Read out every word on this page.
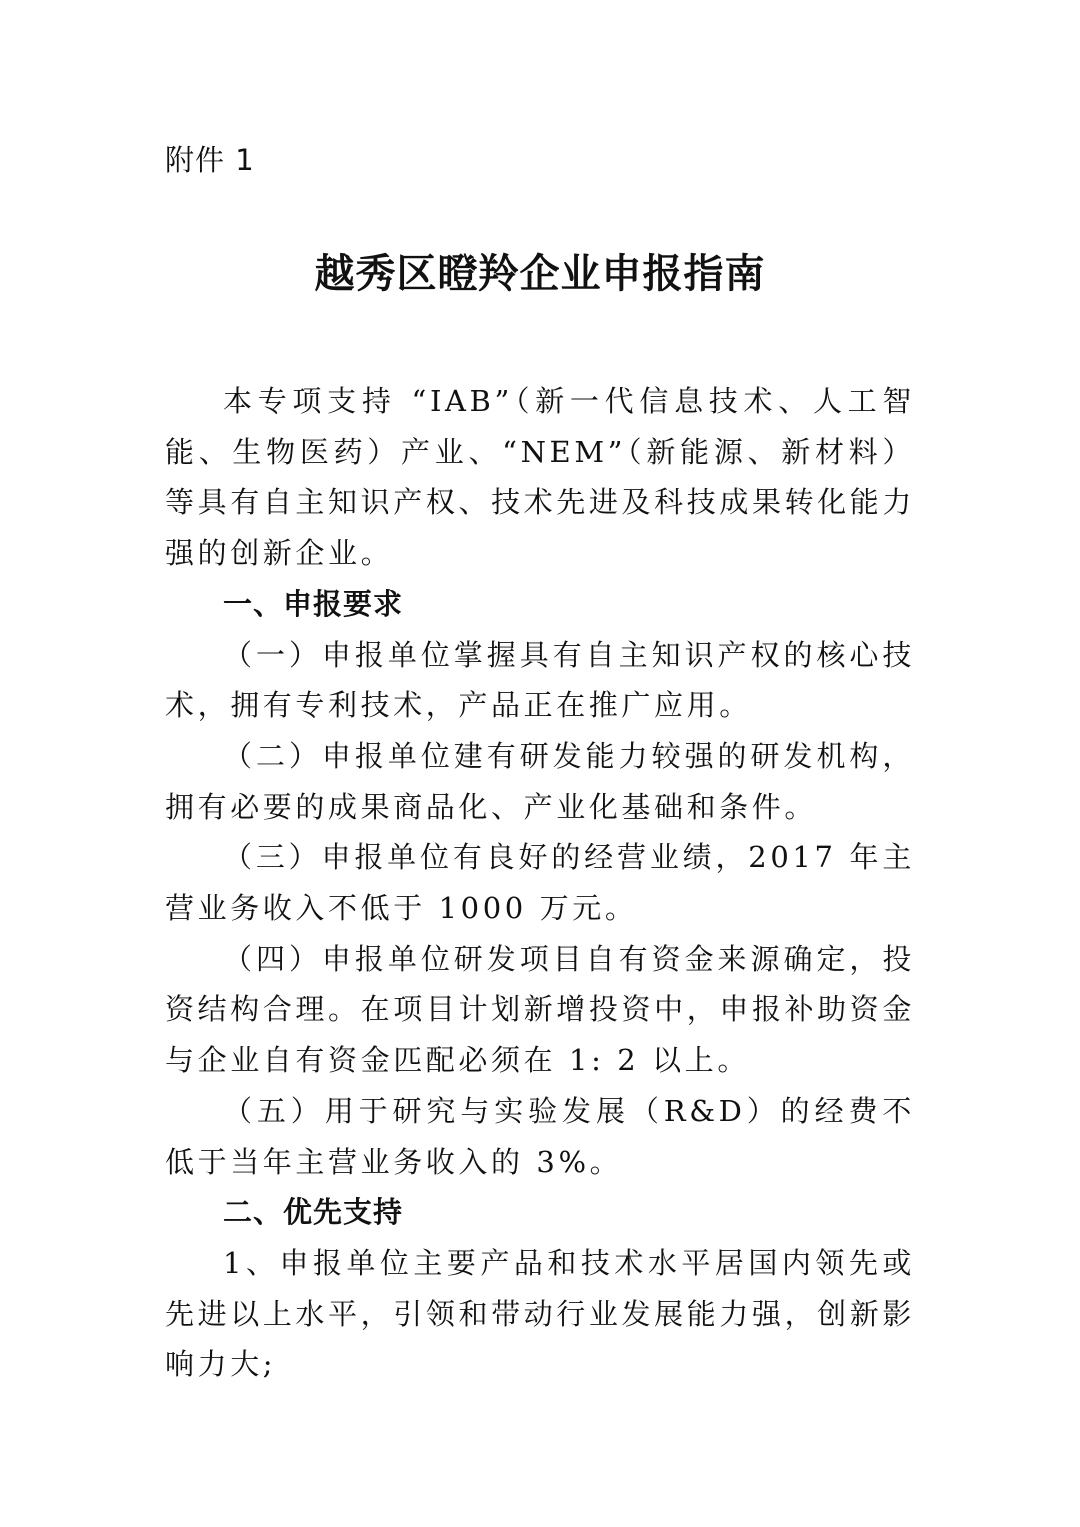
附件 1
越秀区瞪羚企业申报指南

本专项支持 “IAB”（新一代信息技术、人工智能、生物医药）产业、“NEM”（新能源、新材料）等具有自主知识产权、技术先进及科技成果转化能力强的创新企业。

一、申报要求

（一）申报单位掌握具有自主知识产权的核心技术，拥有专利技术，产品正在推广应用。

（二）申报单位建有研发能力较强的研发机构，拥有必要的成果商品化、产业化基础和条件。

（三）申报单位有良好的经营业绩，2017 年主营业务收入不低于 1000 万元。

（四）申报单位研发项目自有资金来源确定，投资结构合理。在项目计划新增投资中，申报补助资金与企业自有资金匹配必须在 1: 2 以上。

（五）用于研究与实验发展（R&D）的经费不低于当年主营业务收入的 3%。

二、优先支持

1、申报单位主要产品和技术水平居国内领先或先进以上水平，引领和带动行业发展能力强，创新影响力大;
